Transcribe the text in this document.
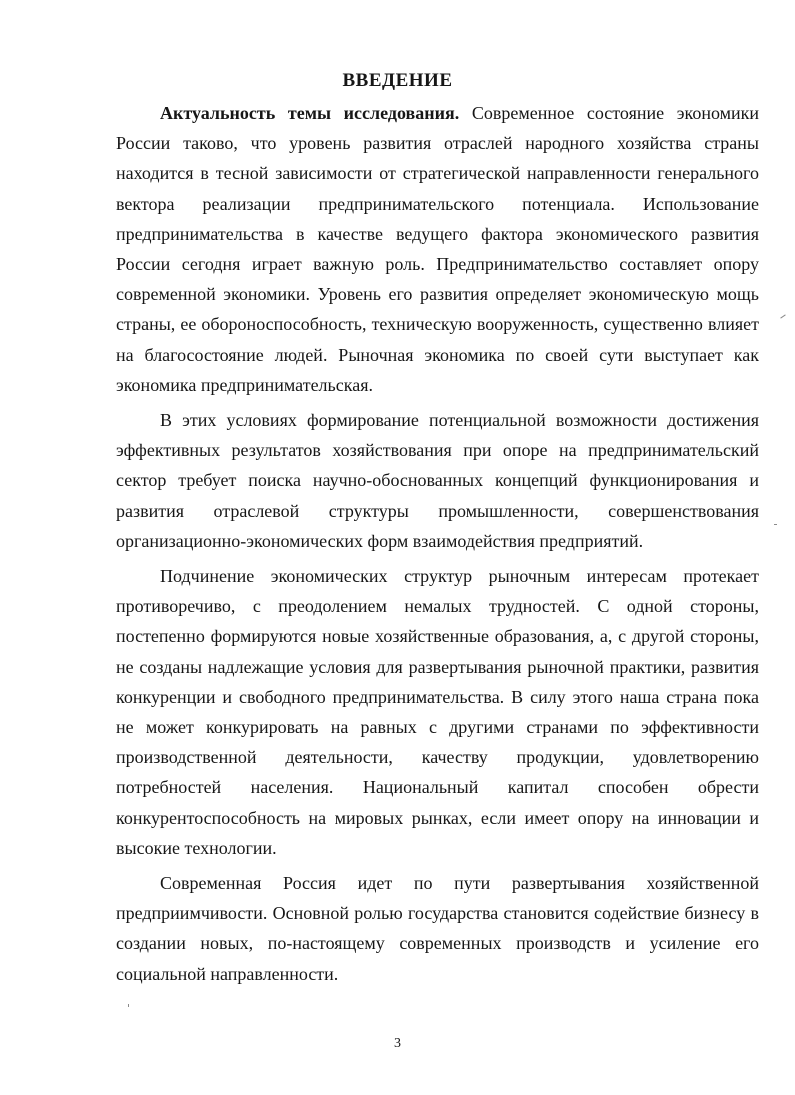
ВВЕДЕНИЕ

Актуальность темы исследования. Современное состояние экономики России таково, что уровень развития отраслей народного хозяйства страны находится в тесной зависимости от стратегической направленности генерального вектора реализации предпринимательского потенциала. Использование предпринимательства в качестве ведущего фактора экономического развития России сегодня играет важную роль. Предпринимательство составляет опору современной экономики. Уровень его развития определяет экономическую мощь страны, ее обороноспособность, техническую вооруженность, существенно влияет на благосостояние людей. Рыночная экономика по своей сути выступает как экономика предпринимательская.

В этих условиях формирование потенциальной возможности достижения эффективных результатов хозяйствования при опоре на предпринимательский сектор требует поиска научно-обоснованных концепций функционирования и развития отраслевой структуры промышленности, совершенствования организационно-экономических форм взаимодействия предприятий.

Подчинение экономических структур рыночным интересам протекает противоречиво, с преодолением немалых трудностей. С одной стороны, постепенно формируются новые хозяйственные образования, а, с другой стороны, не созданы надлежащие условия для развертывания рыночной практики, развития конкуренции и свободного предпринимательства. В силу этого наша страна пока не может конкурировать на равных с другими странами по эффективности производственной деятельности, качеству продукции, удовлетворению потребностей населения. Национальный капитал способен обрести конкурентоспособность на мировых рынках, если имеет опору на инновации и высокие технологии.

Современная Россия идет по пути развертывания хозяйственной предприимчивости. Основной ролью государства становится содействие бизнесу в создании новых, по-настоящему современных производств и усиление его социальной направленности.

3
